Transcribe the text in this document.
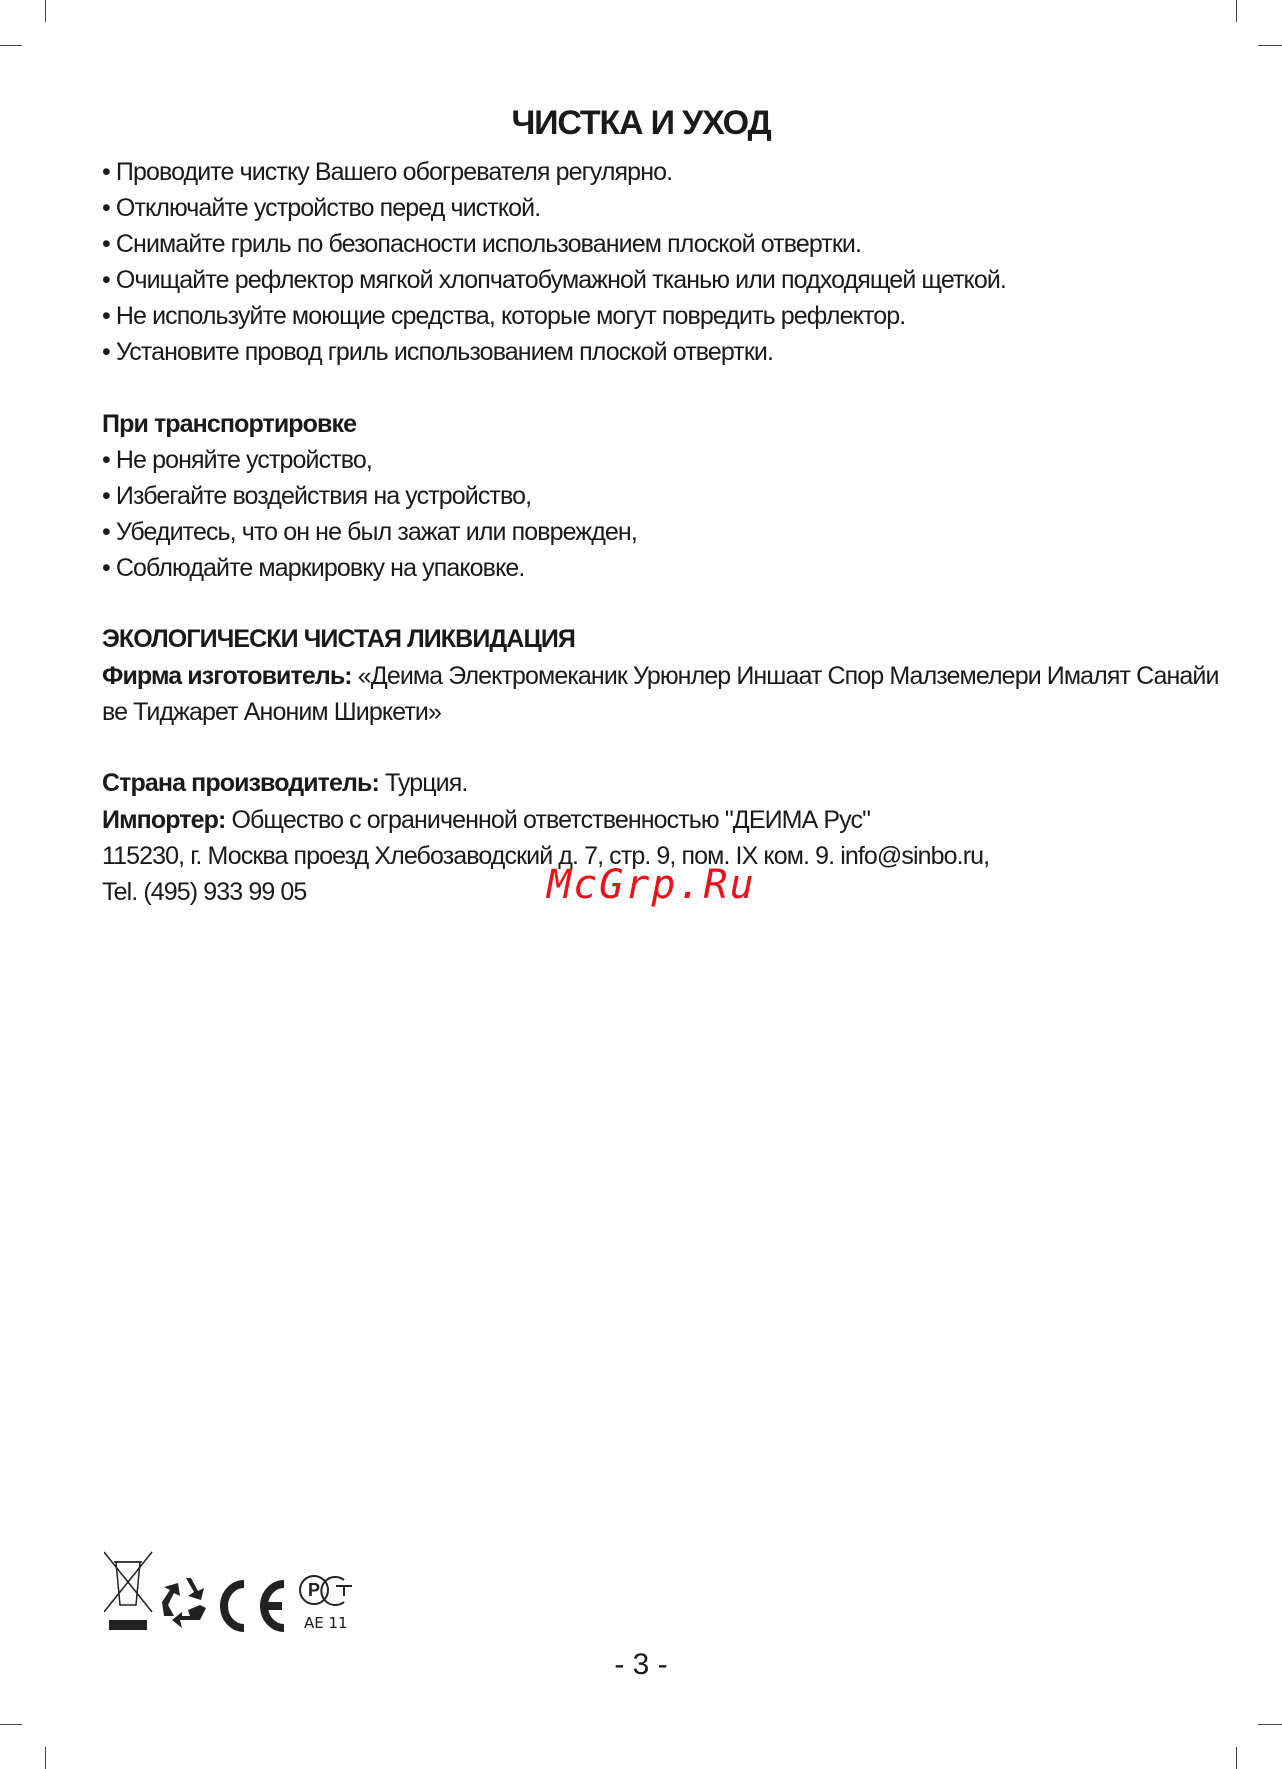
ЧИСТКА И УХОД
• Проводите чистку Вашего обогревателя регулярно.
• Отключайте устройство перед чисткой.
• Снимайте гриль по безопасности использованием плоской отвертки.
• Очищайте рефлектор мягкой хлопчатобумажной тканью или подходящей щеткой.
• Не используйте моющие средства, которые могут повредить рефлектор.
• Установите провод гриль использованием плоской отвертки.
При транспортировке
• Не роняйте устройство,
• Избегайте воздействия на устройство,
• Убедитесь, что он не был зажат или поврежден,
• Соблюдайте маркировку на упаковке.
ЭКОЛОГИЧЕСКИ ЧИСТАЯ ЛИКВИДАЦИЯ
Фирма изготовитель: «Деима Электромеканик Урюнлер Иншаат Спор Малземелери Ималят Санайи
ве Тиджарет Аноним Ширкети»
Страна производитель: Турция.
Импортер: Общество с ограниченной ответственностью "ДЕИМА Рус"
115230, г. Москва проезд Хлебозаводский д. 7, стр. 9, пом. IX ком. 9. info@sinbo.ru,
Tel. (495) 933 99 05	McGrp.Ru
P
AE 11
- 3 -
